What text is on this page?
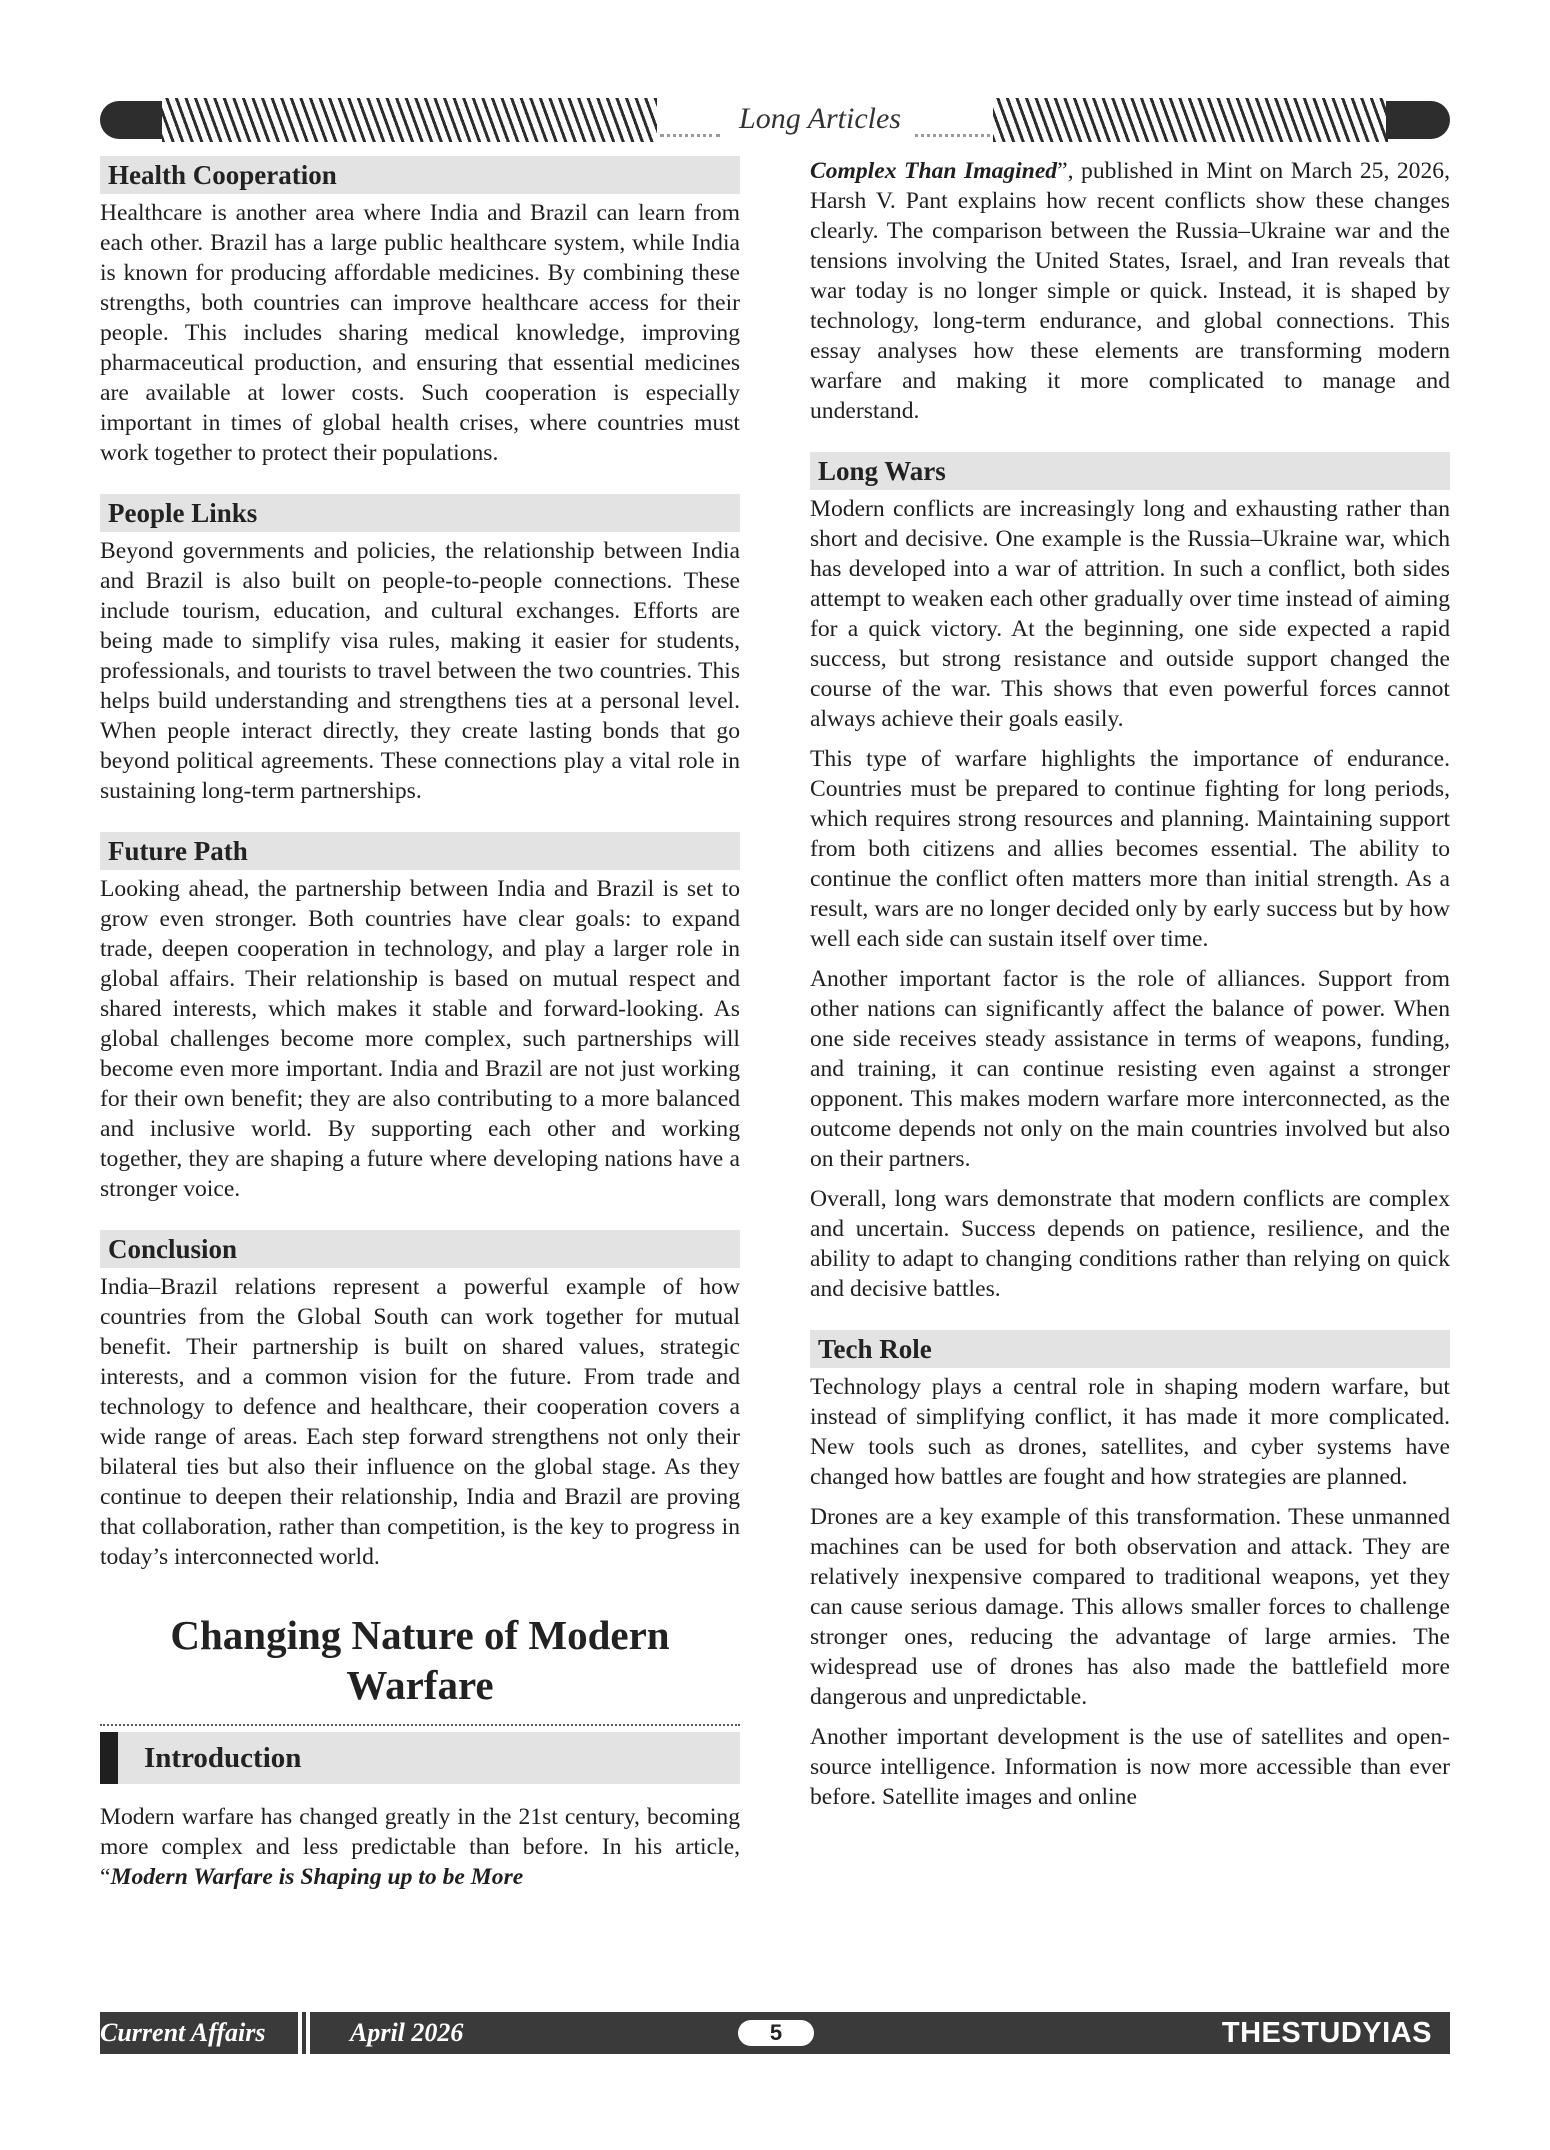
Long Articles
Health Cooperation

Healthcare is another area where India and Brazil can learn from each other. Brazil has a large public healthcare system, while India is known for producing affordable medicines. By combining these strengths, both countries can improve healthcare access for their people. This includes sharing medical knowledge, improving pharmaceutical production, and ensuring that essential medicines are available at lower costs. Such cooperation is especially important in times of global health crises, where countries must work together to protect their populations.

People Links

Beyond governments and policies, the relationship between India and Brazil is also built on people-to-people connections. These include tourism, education, and cultural exchanges. Efforts are being made to simplify visa rules, making it easier for students, professionals, and tourists to travel between the two countries. This helps build understanding and strengthens ties at a personal level. When people interact directly, they create lasting bonds that go beyond political agreements. These connections play a vital role in sustaining long-term partnerships.

Future Path

Looking ahead, the partnership between India and Brazil is set to grow even stronger. Both countries have clear goals: to expand trade, deepen cooperation in technology, and play a larger role in global affairs. Their relationship is based on mutual respect and shared interests, which makes it stable and forward-looking. As global challenges become more complex, such partnerships will become even more important. India and Brazil are not just working for their own benefit; they are also contributing to a more balanced and inclusive world. By supporting each other and working together, they are shaping a future where developing nations have a stronger voice.

Conclusion

India–Brazil relations represent a powerful example of how countries from the Global South can work together for mutual benefit. Their partnership is built on shared values, strategic interests, and a common vision for the future. From trade and technology to defence and healthcare, their cooperation covers a wide range of areas. Each step forward strengthens not only their bilateral ties but also their influence on the global stage. As they continue to deepen their relationship, India and Brazil are proving that collaboration, rather than competition, is the key to progress in today’s interconnected world.

Changing Nature of Modern Warfare
Introduction

Modern warfare has changed greatly in the 21st century, becoming more complex and less predictable than before. In his article, “Modern Warfare is Shaping up to be More

Complex Than Imagined”, published in Mint on March 25, 2026, Harsh V. Pant explains how recent conflicts show these changes clearly. The comparison between the Russia–Ukraine war and the tensions involving the United States, Israel, and Iran reveals that war today is no longer simple or quick. Instead, it is shaped by technology, long-term endurance, and global connections. This essay analyses how these elements are transforming modern warfare and making it more complicated to manage and understand.

Long Wars

Modern conflicts are increasingly long and exhausting rather than short and decisive. One example is the Russia–Ukraine war, which has developed into a war of attrition. In such a conflict, both sides attempt to weaken each other gradually over time instead of aiming for a quick victory. At the beginning, one side expected a rapid success, but strong resistance and outside support changed the course of the war. This shows that even powerful forces cannot always achieve their goals easily.

This type of warfare highlights the importance of endurance. Countries must be prepared to continue fighting for long periods, which requires strong resources and planning. Maintaining support from both citizens and allies becomes essential. The ability to continue the conflict often matters more than initial strength. As a result, wars are no longer decided only by early success but by how well each side can sustain itself over time.

Another important factor is the role of alliances. Support from other nations can significantly affect the balance of power. When one side receives steady assistance in terms of weapons, funding, and training, it can continue resisting even against a stronger opponent. This makes modern warfare more interconnected, as the outcome depends not only on the main countries involved but also on their partners.

Overall, long wars demonstrate that modern conflicts are complex and uncertain. Success depends on patience, resilience, and the ability to adapt to changing conditions rather than relying on quick and decisive battles.

Tech Role

Technology plays a central role in shaping modern warfare, but instead of simplifying conflict, it has made it more complicated. New tools such as drones, satellites, and cyber systems have changed how battles are fought and how strategies are planned.

Drones are a key example of this transformation. These unmanned machines can be used for both observation and attack. They are relatively inexpensive compared to traditional weapons, yet they can cause serious damage. This allows smaller forces to challenge stronger ones, reducing the advantage of large armies. The widespread use of drones has also made the battlefield more dangerous and unpredictable.

Another important development is the use of satellites and open-source intelligence. Information is now more accessible than ever before. Satellite images and online

Current Affairs	April 2026	5	THESTUDYIAS
